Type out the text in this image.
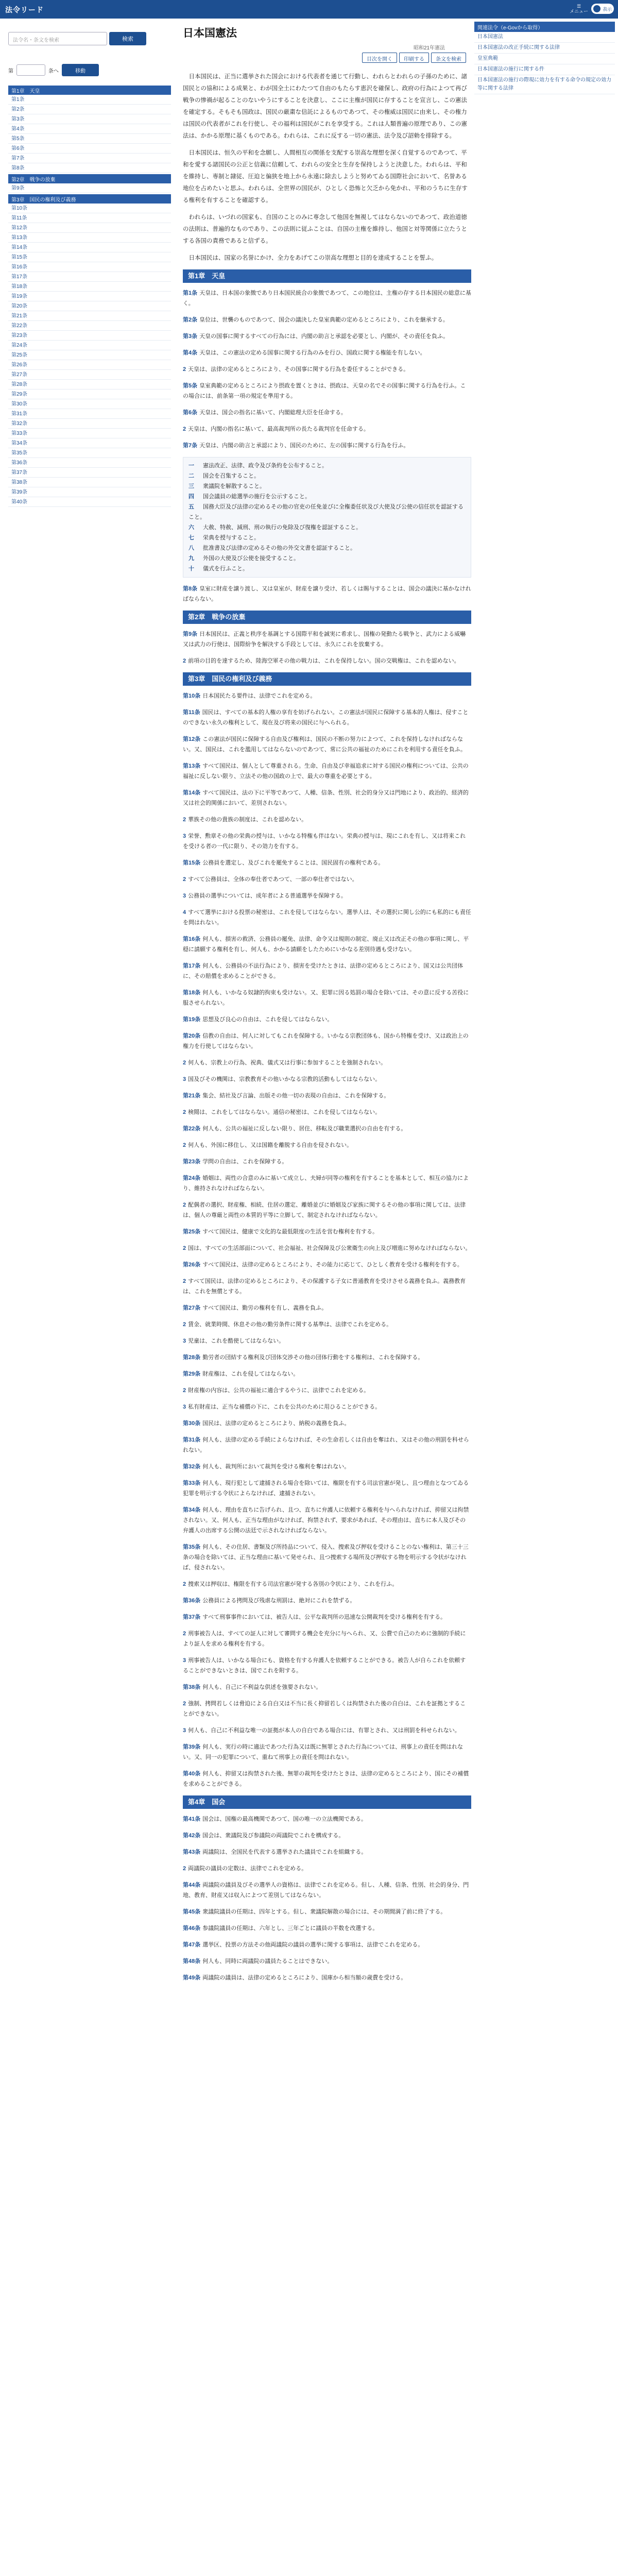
法令リード	☰
メニュー	表示
法令名・条文を検索	検索
第	条へ	移動
第1章　天皇
第1条
第2条
第3条
第4条
第5条
第6条
第7条
第8条
第2章　戦争の放棄
第9条
第3章　国民の権利及び義務
第10条
第11条
第12条
第13条
第14条
第15条
第16条
第17条
第18条
第19条
第20条
第21条
第22条
第23条
第24条
第25条
第26条
第27条
第28条
第29条
第30条
第31条
第32条
第33条
第34条
第35条
第36条
第37条
第38条
第39条
第40条
日本国憲法
昭和21年憲法
目次を開く	印刷する	条文を検索

日本国民は、正当に選挙された国会における代表者を通じて行動し、われらとわれらの子孫のために、諸国民との協和による成果と、わが国全土にわたつて自由のもたらす恵沢を確保し、政府の行為によつて再び戦争の惨禍が起ることのないやうにすることを決意し、ここに主権が国民に存することを宣言し、この憲法を確定する。そもそも国政は、国民の厳粛な信託によるものであつて、その権威は国民に由来し、その権力は国民の代表者がこれを行使し、その福利は国民がこれを享受する。これは人類普遍の原理であり、この憲法は、かかる原理に基くものである。われらは、これに反する一切の憲法、法令及び詔勅を排除する。

日本国民は、恒久の平和を念願し、人間相互の関係を支配する崇高な理想を深く自覚するのであつて、平和を愛する諸国民の公正と信義に信頼して、われらの安全と生存を保持しようと決意した。われらは、平和を維持し、専制と隷従、圧迫と偏狭を地上から永遠に除去しようと努めてゐる国際社会において、名誉ある地位を占めたいと思ふ。われらは、全世界の国民が、ひとしく恐怖と欠乏から免かれ、平和のうちに生存する権利を有することを確認する。

われらは、いづれの国家も、自国のことのみに専念して他国を無視してはならないのであつて、政治道徳の法則は、普遍的なものであり、この法則に従ふことは、自国の主権を維持し、他国と対等関係に立たうとする各国の責務であると信ずる。

日本国民は、国家の名誉にかけ、全力をあげてこの崇高な理想と目的を達成することを誓ふ。

第1章　天皇
第1条 天皇は、日本国の象徴であり日本国民統合の象徴であつて、この地位は、主権の存する日本国民の総意に基く。
第2条 皇位は、世襲のものであつて、国会の議決した皇室典範の定めるところにより、これを継承する。
第3条 天皇の国事に関するすべての行為には、内閣の助言と承認を必要とし、内閣が、その責任を負ふ。
第4条 天皇は、この憲法の定める国事に関する行為のみを行ひ、国政に関する権能を有しない。
2 天皇は、法律の定めるところにより、その国事に関する行為を委任することができる。
第5条 皇室典範の定めるところにより摂政を置くときは、摂政は、天皇の名でその国事に関する行為を行ふ。この場合には、前条第一項の規定を準用する。
第6条 天皇は、国会の指名に基いて、内閣総理大臣を任命する。
2 天皇は、内閣の指名に基いて、最高裁判所の長たる裁判官を任命する。
第7条 天皇は、内閣の助言と承認により、国民のために、左の国事に関する行為を行ふ。
一 憲法改正、法律、政令及び条約を公布すること。
二 国会を召集すること。
三 衆議院を解散すること。
四 国会議員の総選挙の施行を公示すること。
五 国務大臣及び法律の定めるその他の官吏の任免並びに全権委任状及び大使及び公使の信任状を認証すること。
六 大赦、特赦、減刑、刑の執行の免除及び復権を認証すること。
七 栄典を授与すること。
八 批准書及び法律の定めるその他の外交文書を認証すること。
九 外国の大使及び公使を接受すること。
十 儀式を行ふこと。
第8条 皇室に財産を譲り渡し、又は皇室が、財産を譲り受け、若しくは賜与することは、国会の議決に基かなければならない。
第2章　戦争の放棄
第9条 日本国民は、正義と秩序を基調とする国際平和を誠実に希求し、国権の発動たる戦争と、武力による威嚇又は武力の行使は、国際紛争を解決する手段としては、永久にこれを放棄する。
2 前項の目的を達するため、陸海空軍その他の戦力は、これを保持しない。国の交戦権は、これを認めない。
第3章　国民の権利及び義務
第10条 日本国民たる要件は、法律でこれを定める。
第11条 国民は、すべての基本的人権の享有を妨げられない。この憲法が国民に保障する基本的人権は、侵すことのできない永久の権利として、現在及び将来の国民に与へられる。
第12条 この憲法が国民に保障する自由及び権利は、国民の不断の努力によつて、これを保持しなければならない。又、国民は、これを濫用してはならないのであつて、常に公共の福祉のためにこれを利用する責任を負ふ。
第13条 すべて国民は、個人として尊重される。生命、自由及び幸福追求に対する国民の権利については、公共の福祉に反しない限り、立法その他の国政の上で、最大の尊重を必要とする。
第14条 すべて国民は、法の下に平等であつて、人種、信条、性別、社会的身分又は門地により、政治的、経済的又は社会的関係において、差別されない。
2 華族その他の貴族の制度は、これを認めない。
3 栄誉、勲章その他の栄典の授与は、いかなる特権も伴はない。栄典の授与は、現にこれを有し、又は将来これを受ける者の一代に限り、その効力を有する。
第15条 公務員を選定し、及びこれを罷免することは、国民固有の権利である。
2 すべて公務員は、全体の奉仕者であつて、一部の奉仕者ではない。
3 公務員の選挙については、成年者による普通選挙を保障する。
4 すべて選挙における投票の秘密は、これを侵してはならない。選挙人は、その選択に関し公的にも私的にも責任を問はれない。
第16条 何人も、損害の救済、公務員の罷免、法律、命令又は規則の制定、廃止又は改正その他の事項に関し、平穏に請願する権利を有し、何人も、かかる請願をしたためにいかなる差別待遇も受けない。
第17条 何人も、公務員の不法行為により、損害を受けたときは、法律の定めるところにより、国又は公共団体に、その賠償を求めることができる。
第18条 何人も、いかなる奴隷的拘束も受けない。又、犯罪に因る処罰の場合を除いては、その意に反する苦役に服させられない。
第19条 思想及び良心の自由は、これを侵してはならない。
第20条 信教の自由は、何人に対してもこれを保障する。いかなる宗教団体も、国から特権を受け、又は政治上の権力を行使してはならない。
2 何人も、宗教上の行為、祝典、儀式又は行事に参加することを強制されない。
3 国及びその機関は、宗教教育その他いかなる宗教的活動もしてはならない。
第21条 集会、結社及び言論、出版その他一切の表現の自由は、これを保障する。
2 検閲は、これをしてはならない。通信の秘密は、これを侵してはならない。
第22条 何人も、公共の福祉に反しない限り、居住、移転及び職業選択の自由を有する。
2 何人も、外国に移住し、又は国籍を離脱する自由を侵されない。
第23条 学問の自由は、これを保障する。
第24条 婚姻は、両性の合意のみに基いて成立し、夫婦が同等の権利を有することを基本として、相互の協力により、維持されなければならない。
2 配偶者の選択、財産権、相続、住居の選定、離婚並びに婚姻及び家族に関するその他の事項に関しては、法律は、個人の尊厳と両性の本質的平等に立脚して、制定されなければならない。
第25条 すべて国民は、健康で文化的な最低限度の生活を営む権利を有する。
2 国は、すべての生活部面について、社会福祉、社会保障及び公衆衛生の向上及び増進に努めなければならない。
第26条 すべて国民は、法律の定めるところにより、その能力に応じて、ひとしく教育を受ける権利を有する。
2 すべて国民は、法律の定めるところにより、その保護する子女に普通教育を受けさせる義務を負ふ。義務教育は、これを無償とする。
第27条 すべて国民は、勤労の権利を有し、義務を負ふ。
2 賃金、就業時間、休息その他の勤労条件に関する基準は、法律でこれを定める。
3 児童は、これを酷使してはならない。
第28条 勤労者の団結する権利及び団体交渉その他の団体行動をする権利は、これを保障する。
第29条 財産権は、これを侵してはならない。
2 財産権の内容は、公共の福祉に適合するやうに、法律でこれを定める。
3 私有財産は、正当な補償の下に、これを公共のために用ひることができる。
第30条 国民は、法律の定めるところにより、納税の義務を負ふ。
第31条 何人も、法律の定める手続によらなければ、その生命若しくは自由を奪はれ、又はその他の刑罰を科せられない。
第32条 何人も、裁判所において裁判を受ける権利を奪はれない。
第33条 何人も、現行犯として逮捕される場合を除いては、権限を有する司法官憲が発し、且つ理由となつてゐる犯罪を明示する令状によらなければ、逮捕されない。
第34条 何人も、理由を直ちに告げられ、且つ、直ちに弁護人に依頼する権利を与へられなければ、抑留又は拘禁されない。又、何人も、正当な理由がなければ、拘禁されず、要求があれば、その理由は、直ちに本人及びその弁護人の出席する公開の法廷で示されなければならない。
第35条 何人も、その住居、書類及び所持品について、侵入、捜索及び押収を受けることのない権利は、第三十三条の場合を除いては、正当な理由に基いて発せられ、且つ捜索する場所及び押収する物を明示する令状がなければ、侵されない。
2 捜索又は押収は、権限を有する司法官憲が発する各別の令状により、これを行ふ。
第36条 公務員による拷問及び残虐な刑罰は、絶対にこれを禁ずる。
第37条 すべて刑事事件においては、被告人は、公平な裁判所の迅速な公開裁判を受ける権利を有する。
2 刑事被告人は、すべての証人に対して審問する機会を充分に与へられ、又、公費で自己のために強制的手続により証人を求める権利を有する。
3 刑事被告人は、いかなる場合にも、資格を有する弁護人を依頼することができる。被告人が自らこれを依頼することができないときは、国でこれを附する。
第38条 何人も、自己に不利益な供述を強要されない。
2 強制、拷問若しくは脅迫による自白又は不当に長く抑留若しくは拘禁された後の自白は、これを証拠とすることができない。
3 何人も、自己に不利益な唯一の証拠が本人の自白である場合には、有罪とされ、又は刑罰を科せられない。
第39条 何人も、実行の時に適法であつた行為又は既に無罪とされた行為については、刑事上の責任を問はれない。又、同一の犯罪について、重ねて刑事上の責任を問はれない。
第40条 何人も、抑留又は拘禁された後、無罪の裁判を受けたときは、法律の定めるところにより、国にその補償を求めることができる。
第4章　国会
第41条 国会は、国権の最高機関であつて、国の唯一の立法機関である。
第42条 国会は、衆議院及び参議院の両議院でこれを構成する。
第43条 両議院は、全国民を代表する選挙された議員でこれを組織する。
2 両議院の議員の定数は、法律でこれを定める。
第44条 両議院の議員及びその選挙人の資格は、法律でこれを定める。但し、人種、信条、性別、社会的身分、門地、教育、財産又は収入によつて差別してはならない。
第45条 衆議院議員の任期は、四年とする。但し、衆議院解散の場合には、その期間満了前に終了する。
第46条 参議院議員の任期は、六年とし、三年ごとに議員の半数を改選する。
第47条 選挙区、投票の方法その他両議院の議員の選挙に関する事項は、法律でこれを定める。
第48条 何人も、同時に両議院の議員たることはできない。
第49条 両議院の議員は、法律の定めるところにより、国庫から相当額の歳費を受ける。
関連法令（e-Govから取得）
日本国憲法
日本国憲法の改正手続に関する法律
皇室典範
日本国憲法の施行に関する件
日本国憲法の施行の際現に効力を有する命令の規定の効力等に関する法律
